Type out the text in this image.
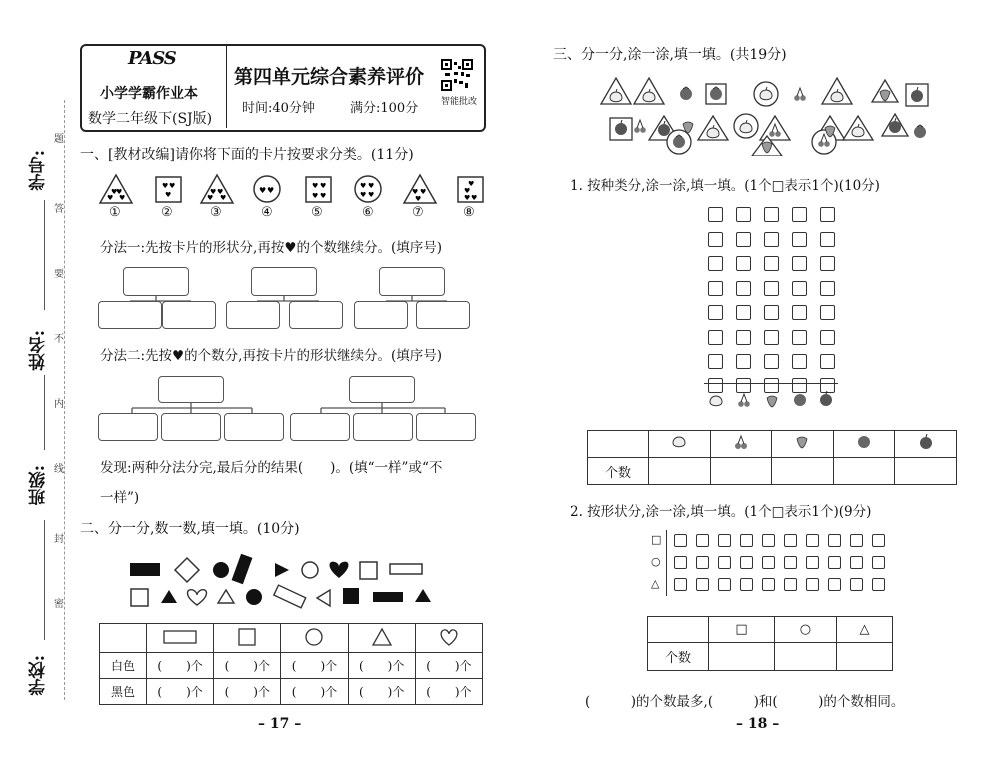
学号:
姓名:
班级:
学校:
题
答
要
不
内
线
封
密
PASS
小学学霸作业本
数学二年级下(SJ版)
第四单元综合素养评价
时间:40分钟	满分:100分	智能批改
一、[教材改编]请你将下面的卡片按要求分类。(11分)
♥
♥
♥ ♥
♥ ♥
♥	♥ ♥
♥ ♥
♥ ♥	♥ ♥
♥ ♥
♥ ♥
♥ ♥	♥ ♥
♥
♥
♥
♥ ♥
①	②	③	④	⑤	⑥	⑦	⑧
分法一:先按卡片的形状分,再按♥的个数继续分。(填序号)
分法二:先按♥的个数分,再按卡片的形状继续分。(填序号)
发现:两种分法分完,最后分的结果(　　)。(填“一样”或“不
一样”)
二、分一分,数一数,填一填。(10分)

白色	(　　)个	(　　)个	(　　)个	(　　)个	(　　)个
黑色	(　　)个	(　　)个	(　　)个	(　　)个	(　　)个
– 17 –
三、分一分,涂一涂,填一填。(共19分)
1. 按种类分,涂一涂,填一填。(1个□表示1个)(10分)

个数					
2. 按形状分,涂一涂,填一填。(1个□表示1个)(9分)
□
○
△
	□	○	△
个数			
(　　　)的个数最多,(　　　)和(　　　)的个数相同。
– 18 –
